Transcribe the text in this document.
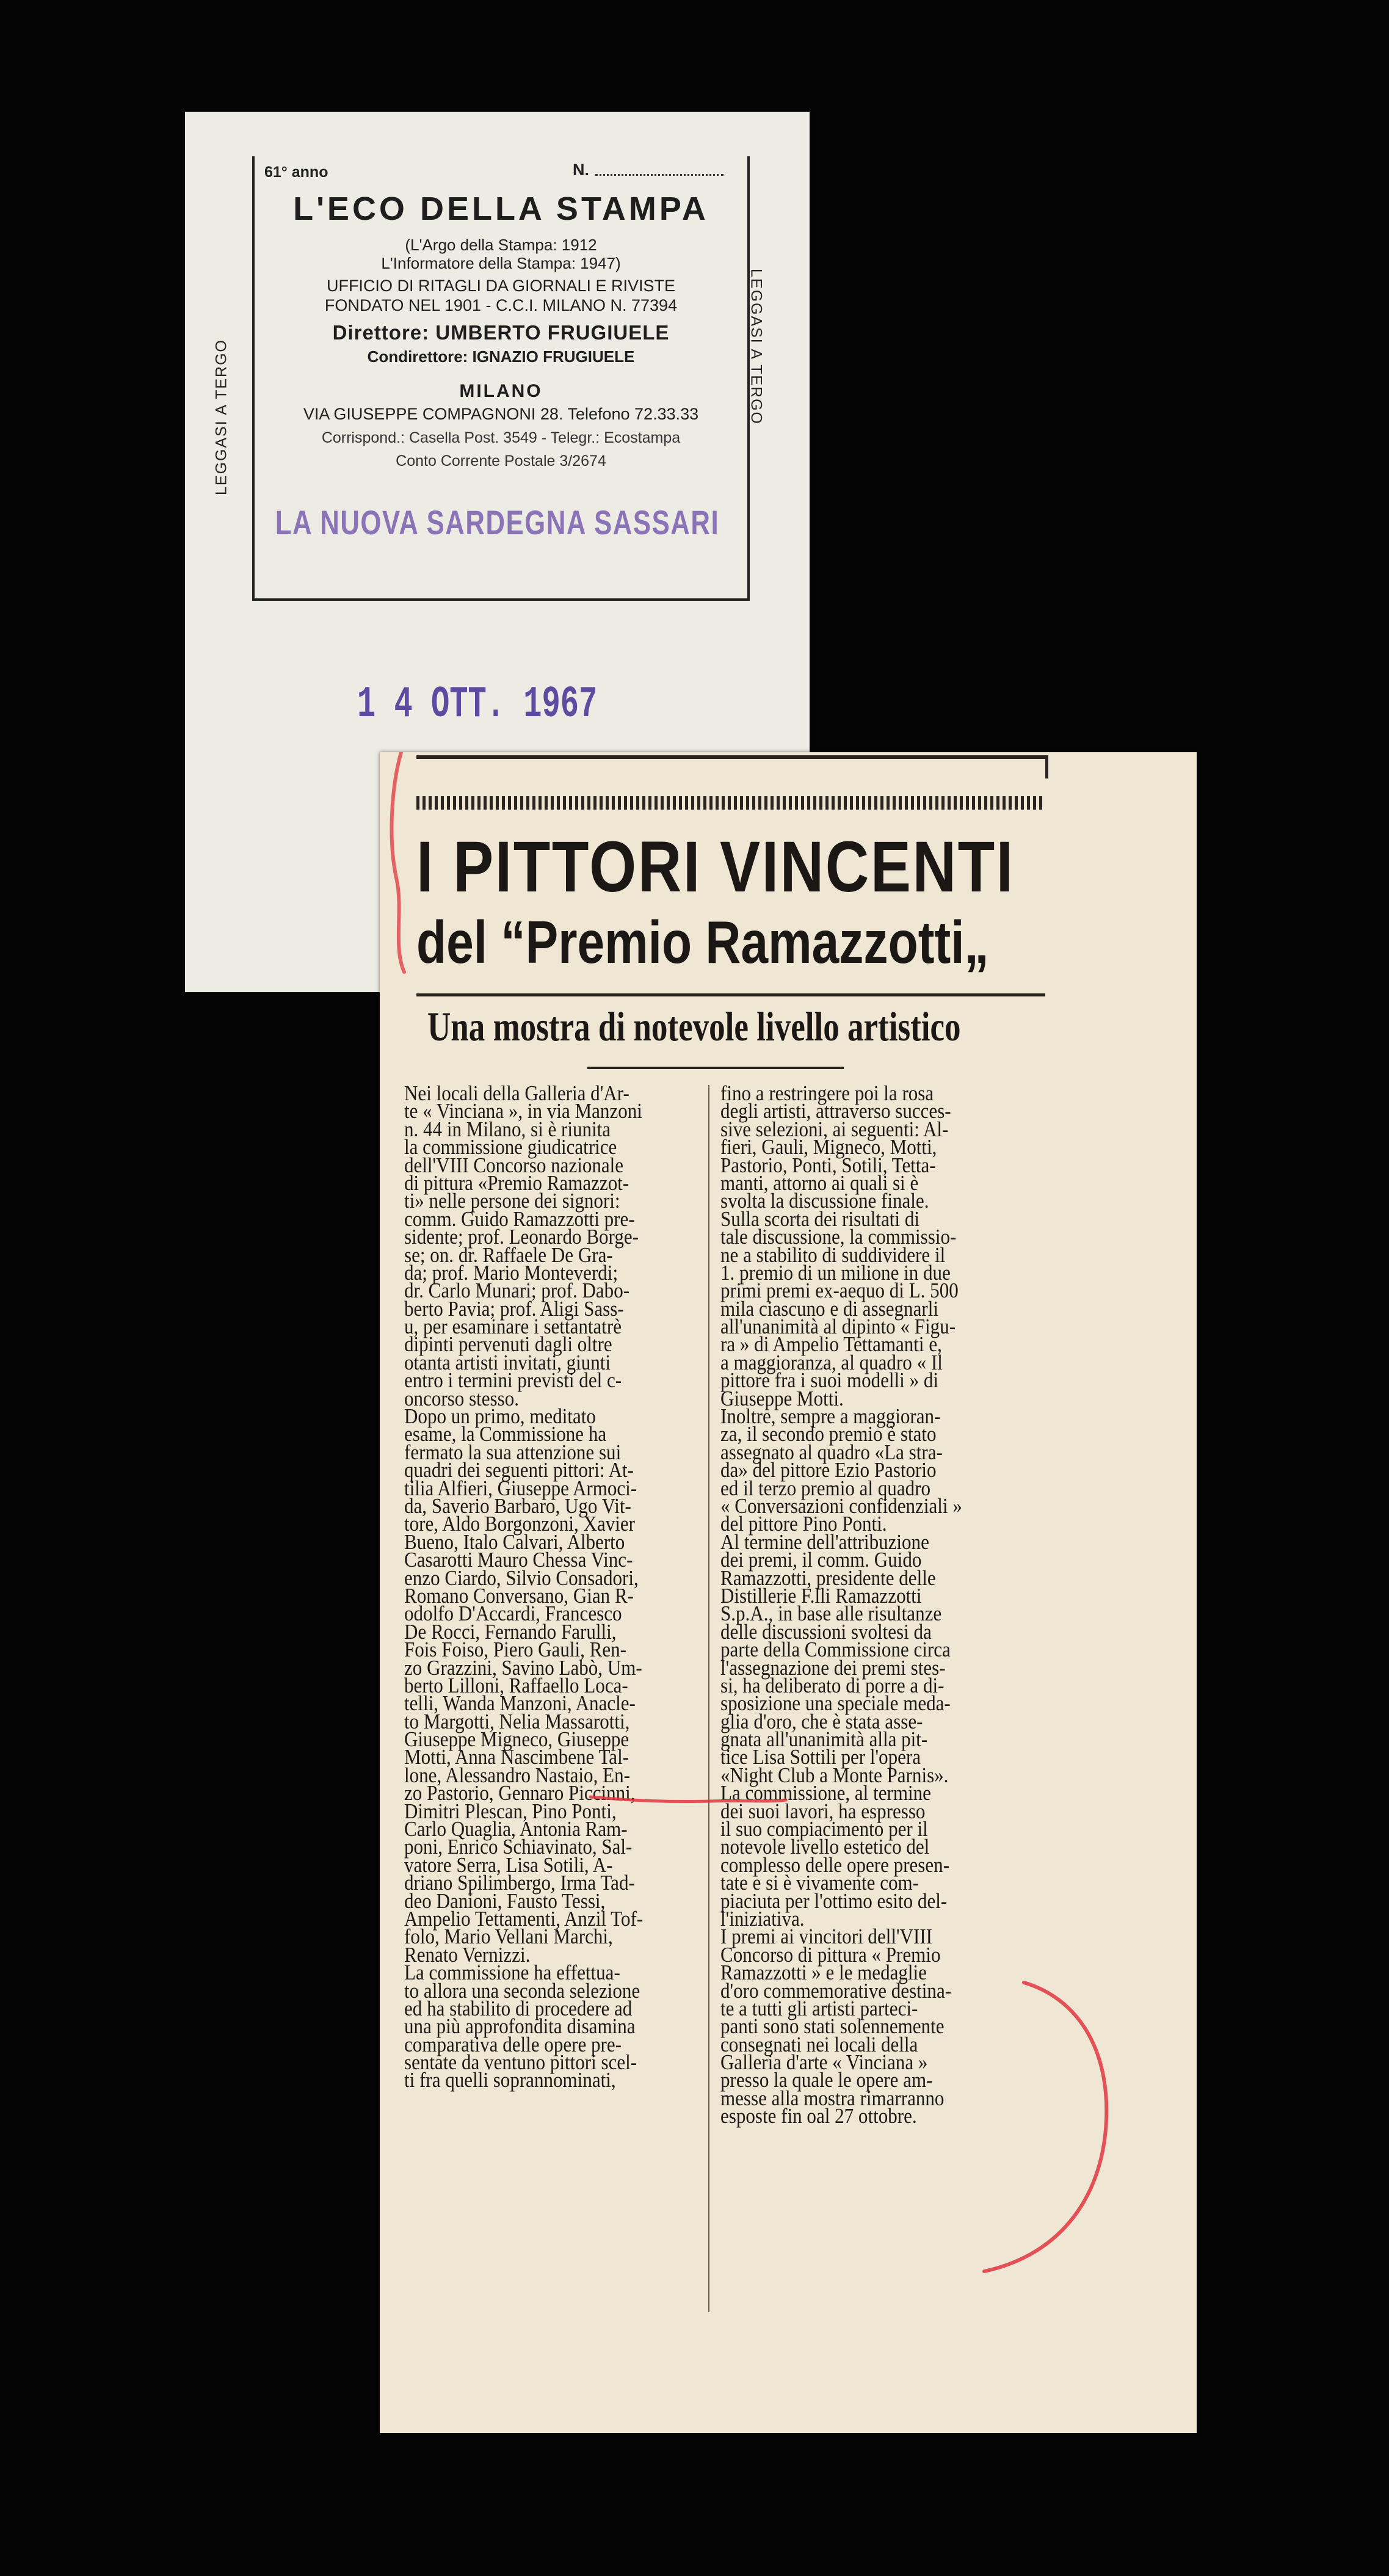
LEGGASI A TERGO	LEGGASI A TERGO
61° anno	N.
L'ECO DELLA STAMPA
(L'Argo della Stampa: 1912
L'Informatore della Stampa: 1947)
UFFICIO DI RITAGLI DA GIORNALI E RIVISTE
FONDATO NEL 1901 - C.C.I. MILANO N. 77394
Direttore: UMBERTO FRUGIUELE
Condirettore: IGNAZIO FRUGIUELE
MILANO
VIA GIUSEPPE COMPAGNONI 28. Telefono 72.33.33
Corrispond.: Casella Post. 3549 - Telegr.: Ecostampa
Conto Corrente Postale 3/2674
LA NUOVA SARDEGNA SASSARI
1 4 OTT. 1967
I PITTORI VINCENTI
del “Premio Ramazzotti„
Una mostra di notevole livello artistico
Nei locali della Galleria d'Ar-
te « Vinciana », in via Manzoni
n. 44 in Milano, si è riunita
la commissione giudicatrice
dell'VIII Concorso nazionale
di pittura «Premio Ramazzot-
ti» nelle persone dei signori:
comm. Guido Ramazzotti pre-
sidente; prof. Leonardo Borge-
se; on. dr. Raffaele De Gra-
da; prof. Mario Monteverdi;
dr. Carlo Munari; prof. Dabo-
berto Pavia; prof. Aligi Sass-
u, per esaminare i settantatrè
dipinti pervenuti dagli oltre
otanta artisti invitati, giunti
entro i termini previsti del c-
oncorso stesso.
Dopo un primo, meditato
esame, la Commissione ha
fermato la sua attenzione sui
quadri dei seguenti pittori: At-
tilia Alfieri, Giuseppe Armoci-
da, Saverio Barbaro, Ugo Vit-
tore, Aldo Borgonzoni, Xavier
Bueno, Italo Calvari, Alberto
Casarotti Mauro Chessa Vinc-
enzo Ciardo, Silvio Consadori,
Romano Conversano, Gian R-
odolfo D'Accardi, Francesco
De Rocci, Fernando Farulli,
Fois Foiso, Piero Gauli, Ren-
zo Grazzini, Savino Labò, Um-
berto Lilloni, Raffaello Loca-
telli, Wanda Manzoni, Anacle-
to Margotti, Nelia Massarotti,
Giuseppe Migneco, Giuseppe
Motti, Anna Nascimbene Tal-
lone, Alessandro Nastaio, En-
zo Pastorio, Gennaro Piccinni,
Dimitri Plescan, Pino Ponti,
Carlo Quaglia, Antonia Ram-
poni, Enrico Schiavinato, Sal-
vatore Serra, Lisa Sotili, A-
driano Spilimbergo, Irma Tad-
deo Danioni, Fausto Tessi,
Ampelio Tettamenti, Anzil Tof-
folo, Mario Vellani Marchi,
Renato Vernizzi.
La commissione ha effettua-
to allora una seconda selezione
ed ha stabilito di procedere ad
una più approfondita disamina
comparativa delle opere pre-
sentate da ventuno pittori scel-
ti fra quelli soprannominati,
fino a restringere poi la rosa
degli artisti, attraverso succes-
sive selezioni, ai seguenti: Al-
fieri, Gauli, Migneco, Motti,
Pastorio, Ponti, Sotili, Tetta-
manti, attorno ai quali si è
svolta la discussione finale.
Sulla scorta dei risultati di
tale discussione, la commissio-
ne a stabilito di suddividere il
1. premio di un milione in due
primi premi ex-aequo di L. 500
mila ciascuno e di assegnarli
all'unanimità al dipinto « Figu-
ra » di Ampelio Tettamanti e,
a maggioranza, al quadro « Il
pittore fra i suoi modelli » di
Giuseppe Motti.
Inoltre, sempre a maggioran-
za, il secondo premio è stato
assegnato al quadro «La stra-
da» del pittore Ezio Pastorio
ed il terzo premio al quadro
« Conversazioni confidenziali »
del pittore Pino Ponti.
Al termine dell'attribuzione
dei premi, il comm. Guido
Ramazzotti, presidente delle
Distillerie F.lli Ramazzotti
S.p.A., in base alle risultanze
delle discussioni svoltesi da
parte della Commissione circa
l'assegnazione dei premi stes-
si, ha deliberato di porre a di-
sposizione una speciale meda-
glia d'oro, che è stata asse-
gnata all'unanimità alla pit-
tice Lisa Sottili per l'opera
«Night Club a Monte Parnis».
La commissione, al termine
dei suoi lavori, ha espresso
il suo compiacimento per il
notevole livello estetico del
complesso delle opere presen-
tate e si è vivamente com-
piaciuta per l'ottimo esito del-
l'iniziativa.
I premi ai vincitori dell'VIII
Concorso di pittura « Premio
Ramazzotti » e le medaglie
d'oro commemorative destina-
te a tutti gli artisti parteci-
panti sono stati solennemente
consegnati nei locali della
Galleria d'arte « Vinciana »
presso la quale le opere am-
messe alla mostra rimarranno
esposte fin oal 27 ottobre.
